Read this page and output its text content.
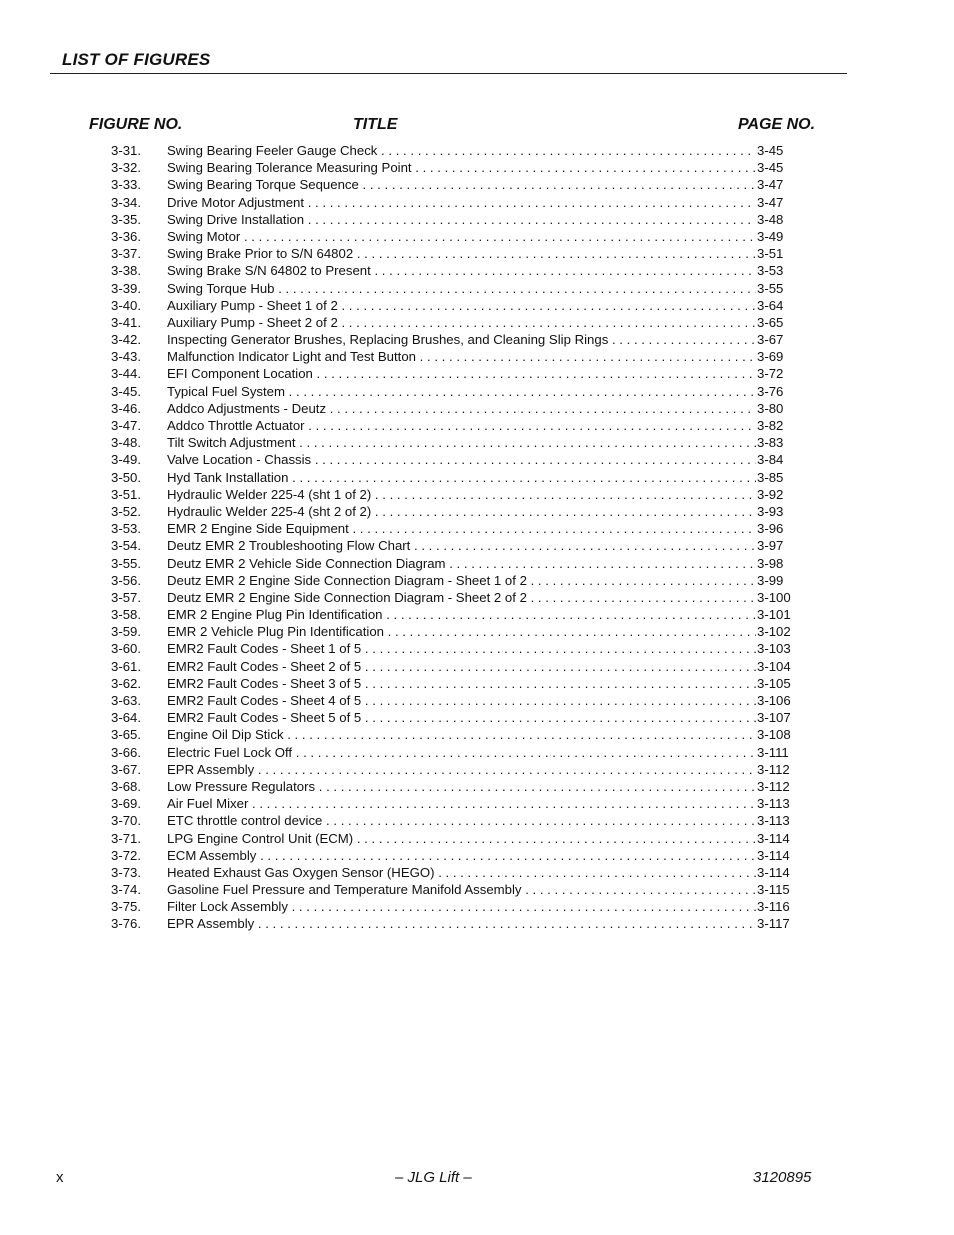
LIST OF FIGURES
FIGURE NO.	TITLE	PAGE NO.
3-31. Swing Bearing Feeler Gauge Check . . .	3-45
3-32. Swing Bearing Tolerance Measuring Point . . .	3-45
3-33. Swing Bearing Torque Sequence . . .	3-47
3-34. Drive Motor Adjustment . . .	3-47
3-35. Swing Drive Installation . . .	3-48
3-36. Swing Motor . . .	3-49
3-37. Swing Brake Prior to S/N 64802 . . .	3-51
3-38. Swing Brake S/N 64802 to Present . . .	3-53
3-39. Swing Torque Hub . . .	3-55
3-40. Auxiliary Pump - Sheet 1 of 2 . . .	3-64
3-41. Auxiliary Pump - Sheet 2 of 2 . . .	3-65
3-42. Inspecting Generator Brushes, Replacing Brushes, and Cleaning Slip Rings . . .	3-67
3-43. Malfunction Indicator Light and Test Button . . .	3-69
3-44. EFI Component Location . . .	3-72
3-45. Typical Fuel System . . .	3-76
3-46. Addco Adjustments - Deutz . . .	3-80
3-47. Addco Throttle Actuator . . .	3-82
3-48. Tilt Switch Adjustment . . .	3-83
3-49. Valve Location - Chassis . . .	3-84
3-50. Hyd Tank Installation . . .	3-85
3-51. Hydraulic Welder 225-4 (sht 1 of 2) . . .	3-92
3-52. Hydraulic Welder 225-4 (sht 2 of 2) . . .	3-93
3-53. EMR 2 Engine Side Equipment . . .	3-96
3-54. Deutz EMR 2 Troubleshooting Flow Chart . . .	3-97
3-55. Deutz EMR 2 Vehicle Side Connection Diagram . . .	3-98
3-56. Deutz EMR 2 Engine Side Connection Diagram - Sheet 1 of 2 . . .	3-99
3-57. Deutz EMR 2 Engine Side Connection Diagram - Sheet 2 of 2 . . .	3-100
3-58. EMR 2 Engine Plug Pin Identification . . .	3-101
3-59. EMR 2 Vehicle Plug Pin Identification . . .	3-102
3-60. EMR2 Fault Codes - Sheet 1 of 5 . . .	3-103
3-61. EMR2 Fault Codes - Sheet 2 of 5 . . .	3-104
3-62. EMR2 Fault Codes - Sheet 3 of 5 . . .	3-105
3-63. EMR2 Fault Codes - Sheet 4 of 5 . . .	3-106
3-64. EMR2 Fault Codes - Sheet 5 of 5 . . .	3-107
3-65. Engine Oil Dip Stick . . .	3-108
3-66. Electric Fuel Lock Off . . .	3-111
3-67. EPR Assembly . . .	3-112
3-68. Low Pressure Regulators . . .	3-112
3-69. Air Fuel Mixer . . .	3-113
3-70. ETC throttle control device . . .	3-113
3-71. LPG Engine Control Unit (ECM) . . .	3-114
3-72. ECM Assembly . . .	3-114
3-73. Heated Exhaust Gas Oxygen Sensor (HEGO) . . .	3-114
3-74. Gasoline Fuel Pressure and Temperature Manifold Assembly . . .	3-115
3-75. Filter Lock Assembly . . .	3-116
3-76. EPR Assembly . . .	3-117
x	– JLG Lift –	3120895
